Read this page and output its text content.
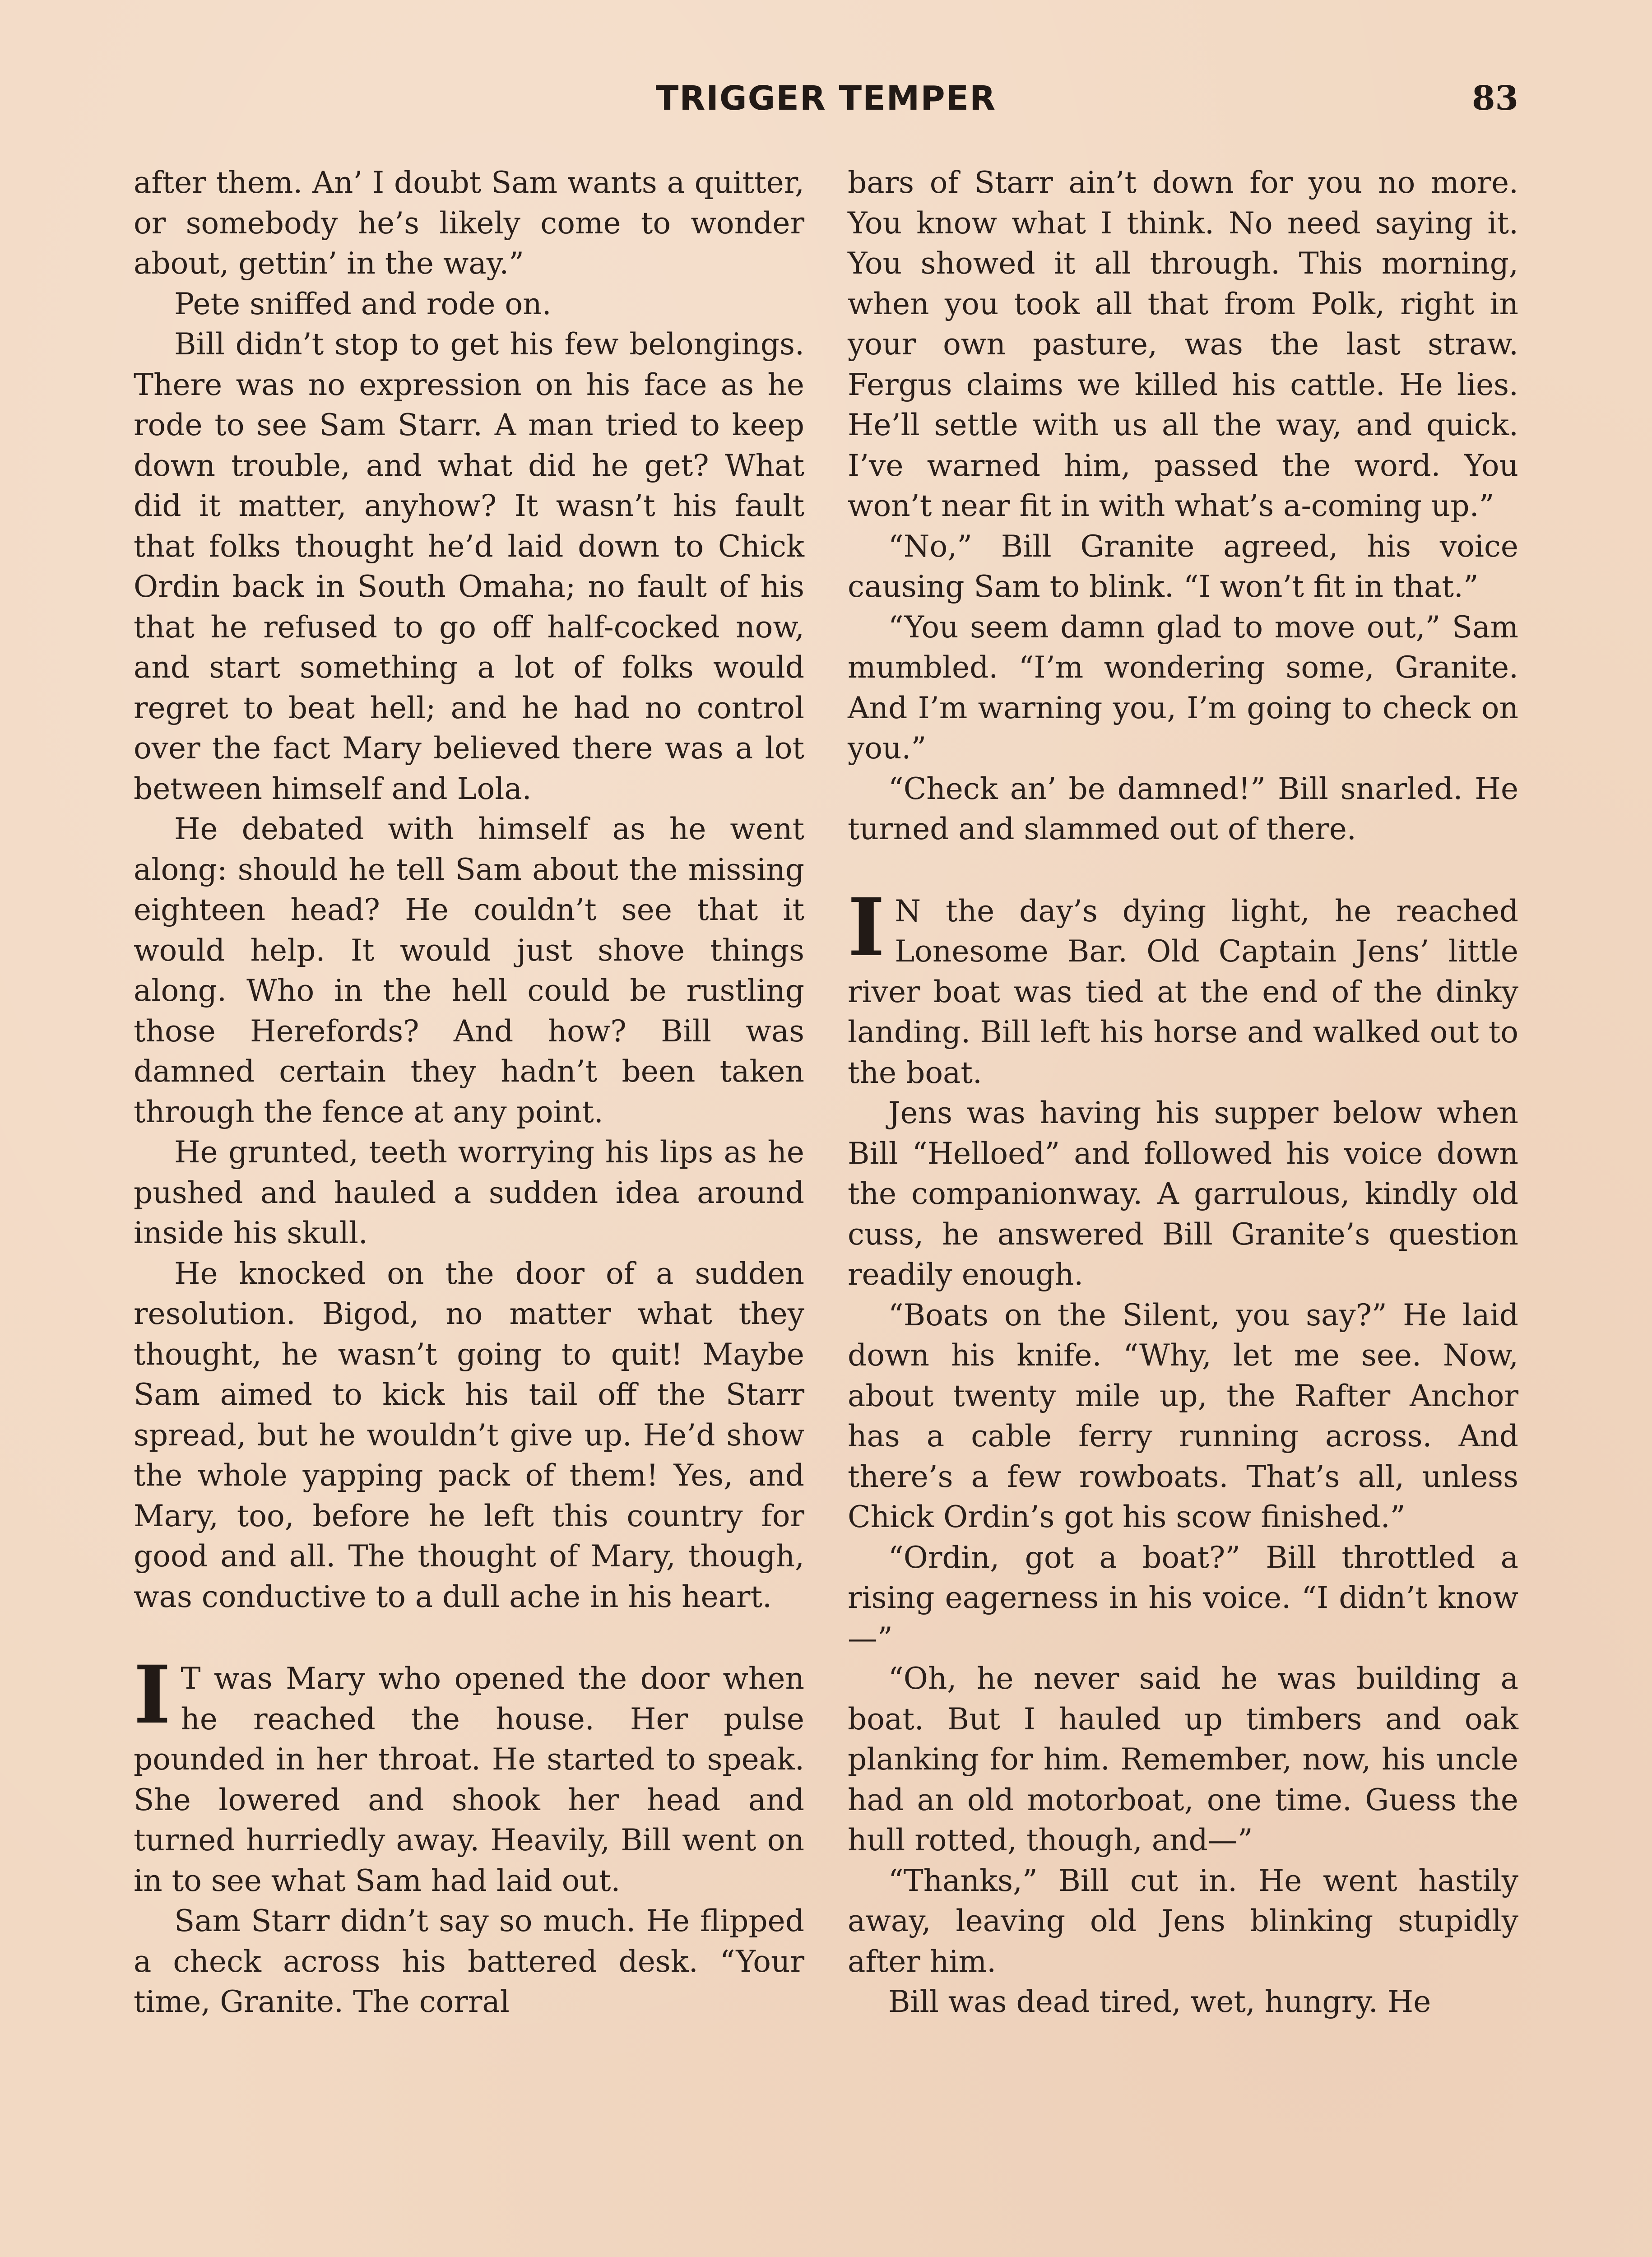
TRIGGER TEMPER	83

after them. An’ I doubt Sam wants a quitter, or somebody he’s likely come to wonder about, gettin’ in the way.”

Pete sniffed and rode on.

Bill didn’t stop to get his few belongings. There was no expression on his face as he rode to see Sam Starr. A man tried to keep down trouble, and what did he get? What did it matter, anyhow? It wasn’t his fault that folks thought he’d laid down to Chick Ordin back in South Omaha; no fault of his that he refused to go off half-cocked now, and start something a lot of folks would regret to beat hell; and he had no control over the fact Mary believed there was a lot between himself and Lola.

He debated with himself as he went along: should he tell Sam about the missing eighteen head? He couldn’t see that it would help. It would just shove things along. Who in the hell could be rustling those Herefords? And how? Bill was damned certain they hadn’t been taken through the fence at any point.

He grunted, teeth worrying his lips as he pushed and hauled a sudden idea around inside his skull.

He knocked on the door of a sudden resolution. Bigod, no matter what they thought, he wasn’t going to quit! Maybe Sam aimed to kick his tail off the Starr spread, but he wouldn’t give up. He’d show the whole yapping pack of them! Yes, and Mary, too, before he left this country for good and all. The thought of Mary, though, was conductive to a dull ache in his heart.

I T was Mary who opened the door when he reached the house. Her pulse pounded in her throat. He started to speak. She lowered and shook her head and turned hurriedly away. Heavily, Bill went on in to see what Sam had laid out.

Sam Starr didn’t say so much. He flipped a check across his battered desk. “Your time, Granite. The corral

bars of Starr ain’t down for you no more. You know what I think. No need saying it. You showed it all through. This morning, when you took all that from Polk, right in your own pasture, was the last straw. Fergus claims we killed his cattle. He lies. He’ll settle with us all the way, and quick. I’ve warned him, passed the word. You won’t near fit in with what’s a-coming up.”

“No,” Bill Granite agreed, his voice causing Sam to blink. “I won’t fit in that.”

“You seem damn glad to move out,” Sam mumbled. “I’m wondering some, Granite. And I’m warning you, I’m going to check on you.”

“Check an’ be damned!” Bill snarled. He turned and slammed out of there.

I N the day’s dying light, he reached Lonesome Bar. Old Captain Jens’ little river boat was tied at the end of the dinky landing. Bill left his horse and walked out to the boat.

Jens was having his supper below when Bill “Helloed” and followed his voice down the companionway. A garrulous, kindly old cuss, he answered Bill Granite’s question readily enough.

“Boats on the Silent, you say?” He laid down his knife. “Why, let me see. Now, about twenty mile up, the Rafter Anchor has a cable ferry running across. And there’s a few rowboats. That’s all, unless Chick Ordin’s got his scow finished.”

“Ordin, got a boat?” Bill throttled a rising eagerness in his voice. “I didn’t know—”

“Oh, he never said he was building a boat. But I hauled up timbers and oak planking for him. Remember, now, his uncle had an old motorboat, one time. Guess the hull rotted, though, and—”

“Thanks,” Bill cut in. He went hastily away, leaving old Jens blinking stupidly after him.

Bill was dead tired, wet, hungry. He
